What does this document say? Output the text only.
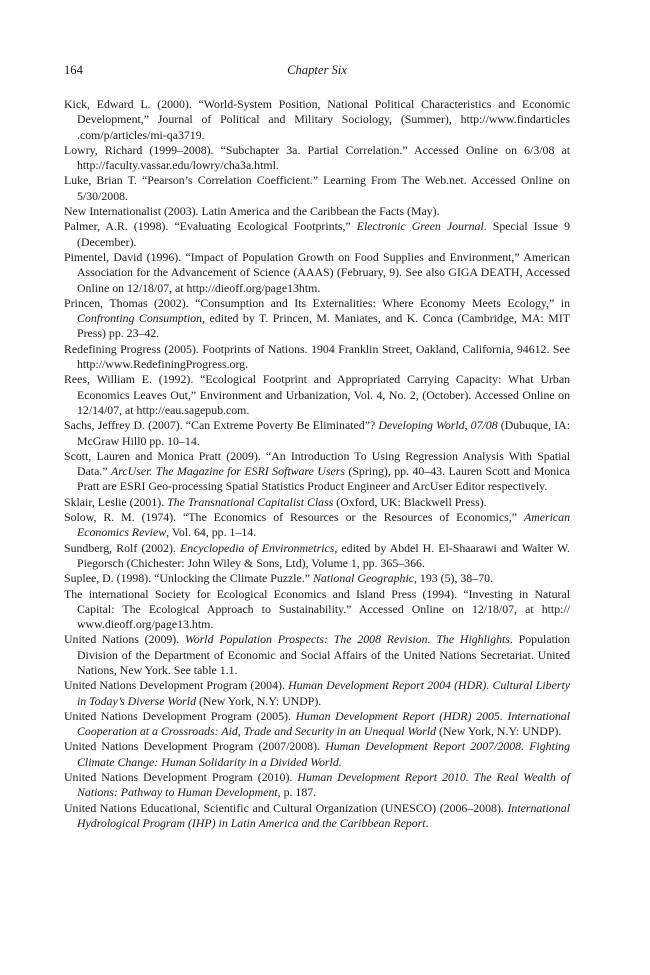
164	Chapter Six
Kick, Edward L. (2000). “World-System Position, National Political Characteristics and Economic Development,” Journal of Political and Military Sociology, (Summer), http://www.findarticles .com/p/articles/mi-qa3719.
Lowry, Richard (1999–2008). “Subchapter 3a. Partial Correlation.” Accessed Online on 6/3/08 at http://faculty.vassar.edu/lowry/cha3a.html.
Luke, Brian T. “Pearson’s Correlation Coefficient.” Learning From The Web.net. Accessed Online on 5/30/2008.
New Internationalist (2003). Latin America and the Caribbean the Facts (May).
Palmer, A.R. (1998). “Evaluating Ecological Footprints,” Electronic Green Journal. Special Issue 9 (December).
Pimentel, David (1996). “Impact of Population Growth on Food Supplies and Environment,” American Association for the Advancement of Science (AAAS) (February, 9). See also GIGA DEATH, Accessed Online on 12/18/07, at http://dieoff.org/page13htm.
Princen, Thomas (2002). “Consumption and Its Externalities: Where Economy Meets Ecology,” in Confronting Consumption, edited by T. Princen, M. Maniates, and K. Conca (Cambridge, MA: MIT Press) pp. 23–42.
Redefining Progress (2005). Footprints of Nations. 1904 Franklin Street, Oakland, California, 94612. See http://www.RedefiningProgress.org.
Rees, William E. (1992). “Ecological Footprint and Appropriated Carrying Capacity: What Urban Economics Leaves Out,” Environment and Urbanization, Vol. 4, No. 2, (October). Accessed Online on 12/14/07, at http://eau.sagepub.com.
Sachs, Jeffrey D. (2007). “Can Extreme Poverty Be Eliminated”? Developing World, 07/08 (Dubuque, IA: McGraw Hill0 pp. 10–14.
Scott, Lauren and Monica Pratt (2009). “An Introduction To Using Regression Analysis With Spatial Data.” ArcUser. The Magazine for ESRI Software Users (Spring), pp. 40–43. Lauren Scott and Monica Pratt are ESRI Geo-processing Spatial Statistics Product Engineer and ArcUser Editor respectively.
Sklair, Leslie (2001). The Transnational Capitalist Class (Oxford, UK: Blackwell Press).
Solow, R. M. (1974). “The Economics of Resources or the Resources of Economics,” American Economics Review, Vol. 64, pp. 1–14.
Sundberg, Rolf (2002). Encyclopedia of Environmetrics, edited by Abdel H. El-Shaarawi and Walter W. Piegorsch (Chichester: John Wiley & Sons, Ltd), Volume 1, pp. 365–366.
Suplee, D. (1998). “Unlocking the Climate Puzzle.” National Geographic, 193 (5), 38–70.
The international Society for Ecological Economics and Island Press (1994). “Investing in Natural Capital: The Ecological Approach to Sustainability.” Accessed Online on 12/18/07, at http:// www.dieoff.org/page13.htm.
United Nations (2009). World Population Prospects: The 2008 Revision. The Highlights. Population Division of the Department of Economic and Social Affairs of the United Nations Secretariat. United Nations, New York. See table 1.1.
United Nations Development Program (2004). Human Development Report 2004 (HDR). Cultural Liberty in Today’s Diverse World (New York, N.Y: UNDP).
United Nations Development Program (2005). Human Development Report (HDR) 2005. International Cooperation at a Crossroads: Aid, Trade and Security in an Unequal World (New York, N.Y: UNDP).
United Nations Development Program (2007/2008). Human Development Report 2007/2008. Fighting Climate Change: Human Solidarity in a Divided World.
United Nations Development Program (2010). Human Development Report 2010. The Real Wealth of Nations: Pathway to Human Development, p. 187.
United Nations Educational, Scientific and Cultural Organization (UNESCO) (2006–2008). International Hydrological Program (IHP) in Latin America and the Caribbean Report.
